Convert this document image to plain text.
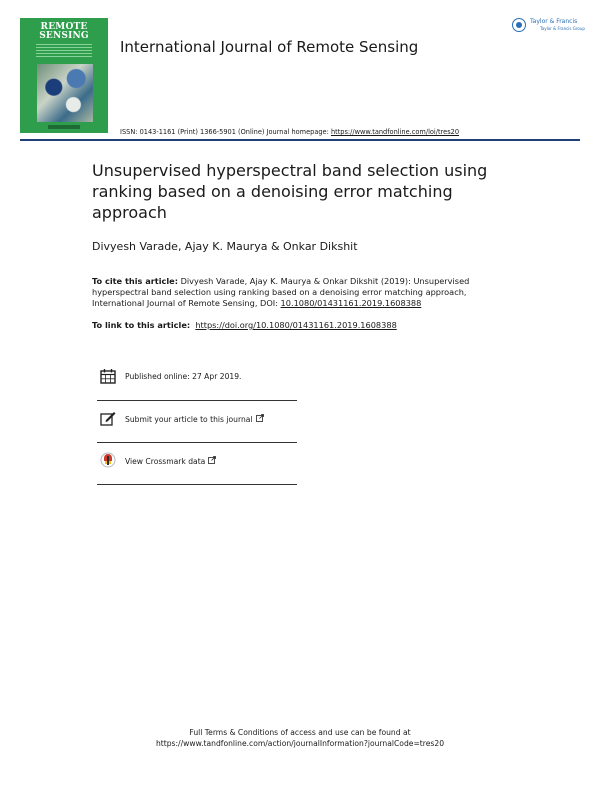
REMOTE
SENSING
International Journal of Remote Sensing
Taylor & Francis
Taylor & Francis Group
ISSN: 0143-1161 (Print) 1366-5901 (Online) Journal homepage: https://www.tandfonline.com/loi/tres20
Unsupervised hyperspectral band selection using ranking based on a denoising error matching approach
Divyesh Varade, Ajay K. Maurya & Onkar Dikshit
To cite this article: Divyesh Varade, Ajay K. Maurya & Onkar Dikshit (2019): Unsupervised hyperspectral band selection using ranking based on a denoising error matching approach, International Journal of Remote Sensing, DOI: 10.1080/01431161.2019.1608388
To link to this article: https://doi.org/10.1080/01431161.2019.1608388
Published online: 27 Apr 2019.
Submit your article to this journal
View Crossmark data
Full Terms & Conditions of access and use can be found at
https://www.tandfonline.com/action/journalInformation?journalCode=tres20
